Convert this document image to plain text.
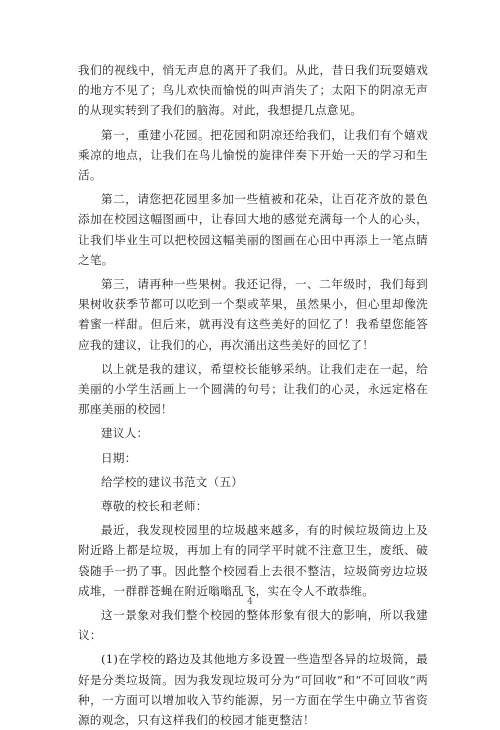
我们的视线中，悄无声息的离开了我们。从此，昔日我们玩耍嬉戏的地方不见了；鸟儿欢快而愉悦的叫声消失了；太阳下的阴凉无声的从现实转到了我们的脑海。对此，我想提几点意见。

第一，重建小花园。把花园和阴凉还给我们，让我们有个嬉戏乘凉的地点，让我们在鸟儿愉悦的旋律伴奏下开始一天的学习和生活。

第二，请您把花园里多加一些植被和花朵，让百花齐放的景色添加在校园这幅图画中，让春回大地的感觉充满每一个人的心头，让我们毕业生可以把校园这幅美丽的图画在心田中再添上一笔点睛之笔。

第三，请再种一些果树。我还记得，一、二年级时，我们每到果树收获季节都可以吃到一个梨或苹果，虽然果小，但心里却像洗着蜜一样甜。但后来，就再没有这些美好的回忆了！我希望您能答应我的建议，让我们的心，再次涌出这些美好的回忆了！

以上就是我的建议，希望校长能够采纳。让我们走在一起，给美丽的小学生活画上一个圆满的句号；让我们的心灵，永远定格在那座美丽的校园！

建议人：

日期：

给学校的建议书范文（五）

尊敬的校长和老师：

最近，我发现校园里的垃圾越来越多，有的时候垃圾筒边上及附近路上都是垃圾，再加上有的同学平时就不注意卫生，废纸、破袋随手一扔了事。因此整个校园看上去很不整洁，垃圾筒旁边垃圾成堆，一群群苍蝇在附近嗡嗡乱飞，实在令人不敢恭维。

这一景象对我们整个校园的整体形象有很大的影响，所以我建议：

(1)在学校的路边及其他地方多设置一些造型各异的垃圾筒，最好是分类垃圾筒。因为我发现垃圾可分为“可回收”和“不可回收”两种，一方面可以增加收入节约能源，另一方面在学生中确立节省资源的观念，只有这样我们的校园才能更整洁！

4
